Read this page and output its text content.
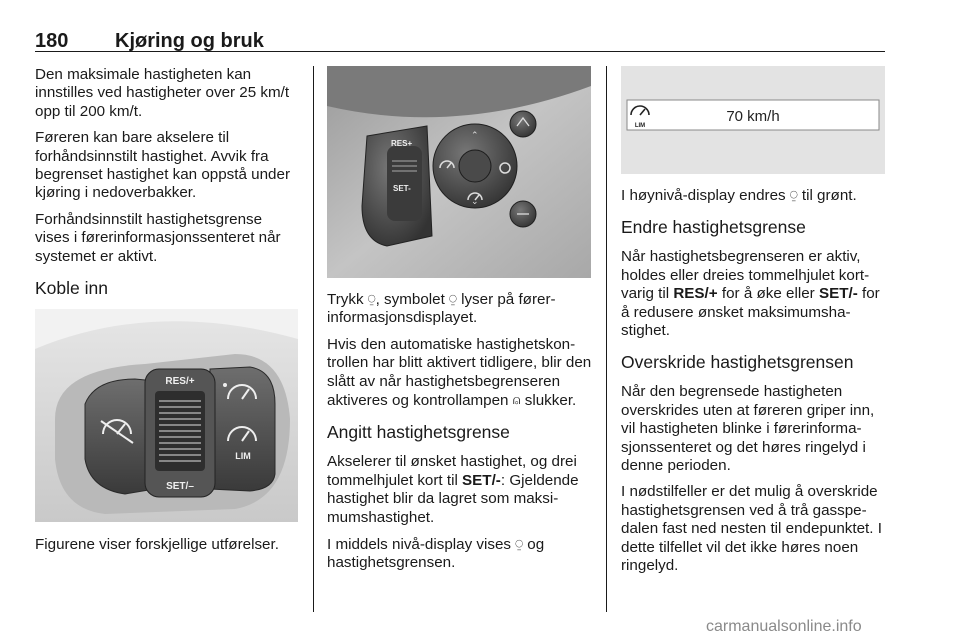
180 Kjøring og bruk

Den maksimale hastigheten kan innstilles ved hastigheter over 25 km/t opp til 200 km/t.

Føreren kan bare akselere til forhåndsinnstilt hastighet. Avvik fra begrenset hastighet kan oppstå under kjøring i nedoverbakker.

Forhåndsinnstilt hastighetsgrense vises i førerinformasjonssenteret når systemet er aktivt.

Koble inn
RES/+
SET/–
LIM

Figurene viser forskjellige utførelser.

RES+
SET-
⌃
⌄

Trykk ⍜, symbolet ⍜ lyser på førerinformasjonsdisplayet.

Hvis den automatiske hastighetskontrollen har blitt aktivert tidligere, blir den slått av når hastighetsbegrenseren aktiveres og kontrollampen ⍝ slukker.

Angitt hastighetsgrense

Akselerer til ønsket hastighet, og drei tommelhjulet kort til SET/-: Gjeldende hastighet blir da lagret som maksimumshastighet.

I middels nivå-display vises ⍜ og hastighetsgrensen.

LIM
70 km/h

I høynivå-display endres ⍜ til grønt.

Endre hastighetsgrense

Når hastighetsbegrenseren er aktiv, holdes eller dreies tommelhjulet kortvarig til RES/+ for å øke eller SET/- for å redusere ønsket maksimumshastighet.

Overskride hastighetsgrensen

Når den begrensede hastigheten overskrides uten at føreren griper inn, vil hastigheten blinke i førerinformasjonssenteret og det høres ringelyd i denne perioden.

I nødstilfeller er det mulig å overskride hastighetsgrensen ved å trå gasspedalen fast ned nesten til endepunktet. I dette tilfellet vil det ikke høres noen ringelyd.

carmanualsonline.info
